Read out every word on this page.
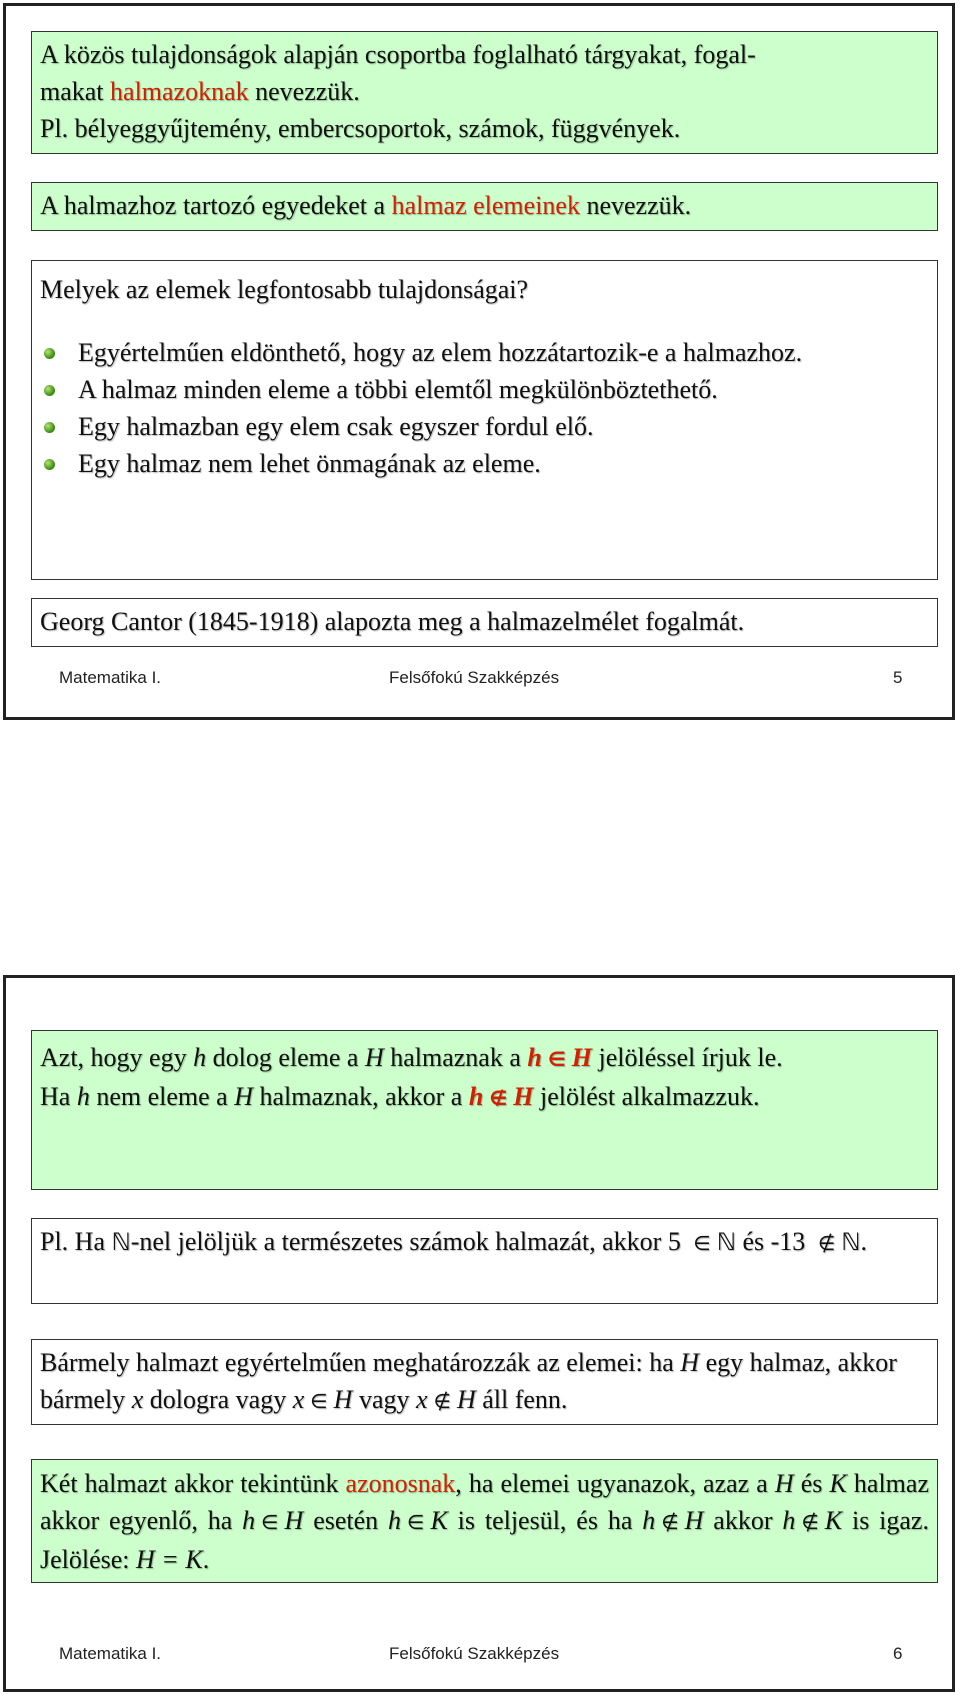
A közös tulajdonságok alapján csoportba foglalható tárgyakat, fogal-
makat halmazoknak nevezzük.
Pl. bélyeggyűjtemény, embercsoportok, számok, függvények.
A halmazhoz tartozó egyedeket a halmaz elemeinek nevezzük.
Melyek az elemek legfontosabb tulajdonságai?
Egyértelműen eldönthető, hogy az elem hozzátartozik-e a halmazhoz.
A halmaz minden eleme a többi elemtől megkülönböztethető.
Egy halmazban egy elem csak egyszer fordul elő.
Egy halmaz nem lehet önmagának az eleme.
Georg Cantor (1845-1918) alapozta meg a halmazelmélet fogalmát.
Matematika I.	Felsőfokú Szakképzés	5
Azt, hogy egy h dolog eleme a H halmaznak a h ∈ H jelöléssel írjuk le.
Ha h nem eleme a H halmaznak, akkor a h ∉ H jelölést alkalmazzuk.
Pl. Ha ℕ-nel jelöljük a természetes számok halmazát, akkor 5 ∈ ℕ és -13 ∉ ℕ.
Bármely halmazt egyértelműen meghatározzák az elemei: ha H egy halmaz, akkor bármely x dologra vagy x ∈ H vagy x ∉ H áll fenn.
Két halmazt akkor tekintünk azonosnak, ha elemei ugyanazok, azaz a H és K halmaz akkor egyenlő, ha h ∈ H esetén h ∈ K is teljesül, és ha h ∉ H akkor h ∉ K is igaz. Jelölése: H = K.
Matematika I.	Felsőfokú Szakképzés	6
